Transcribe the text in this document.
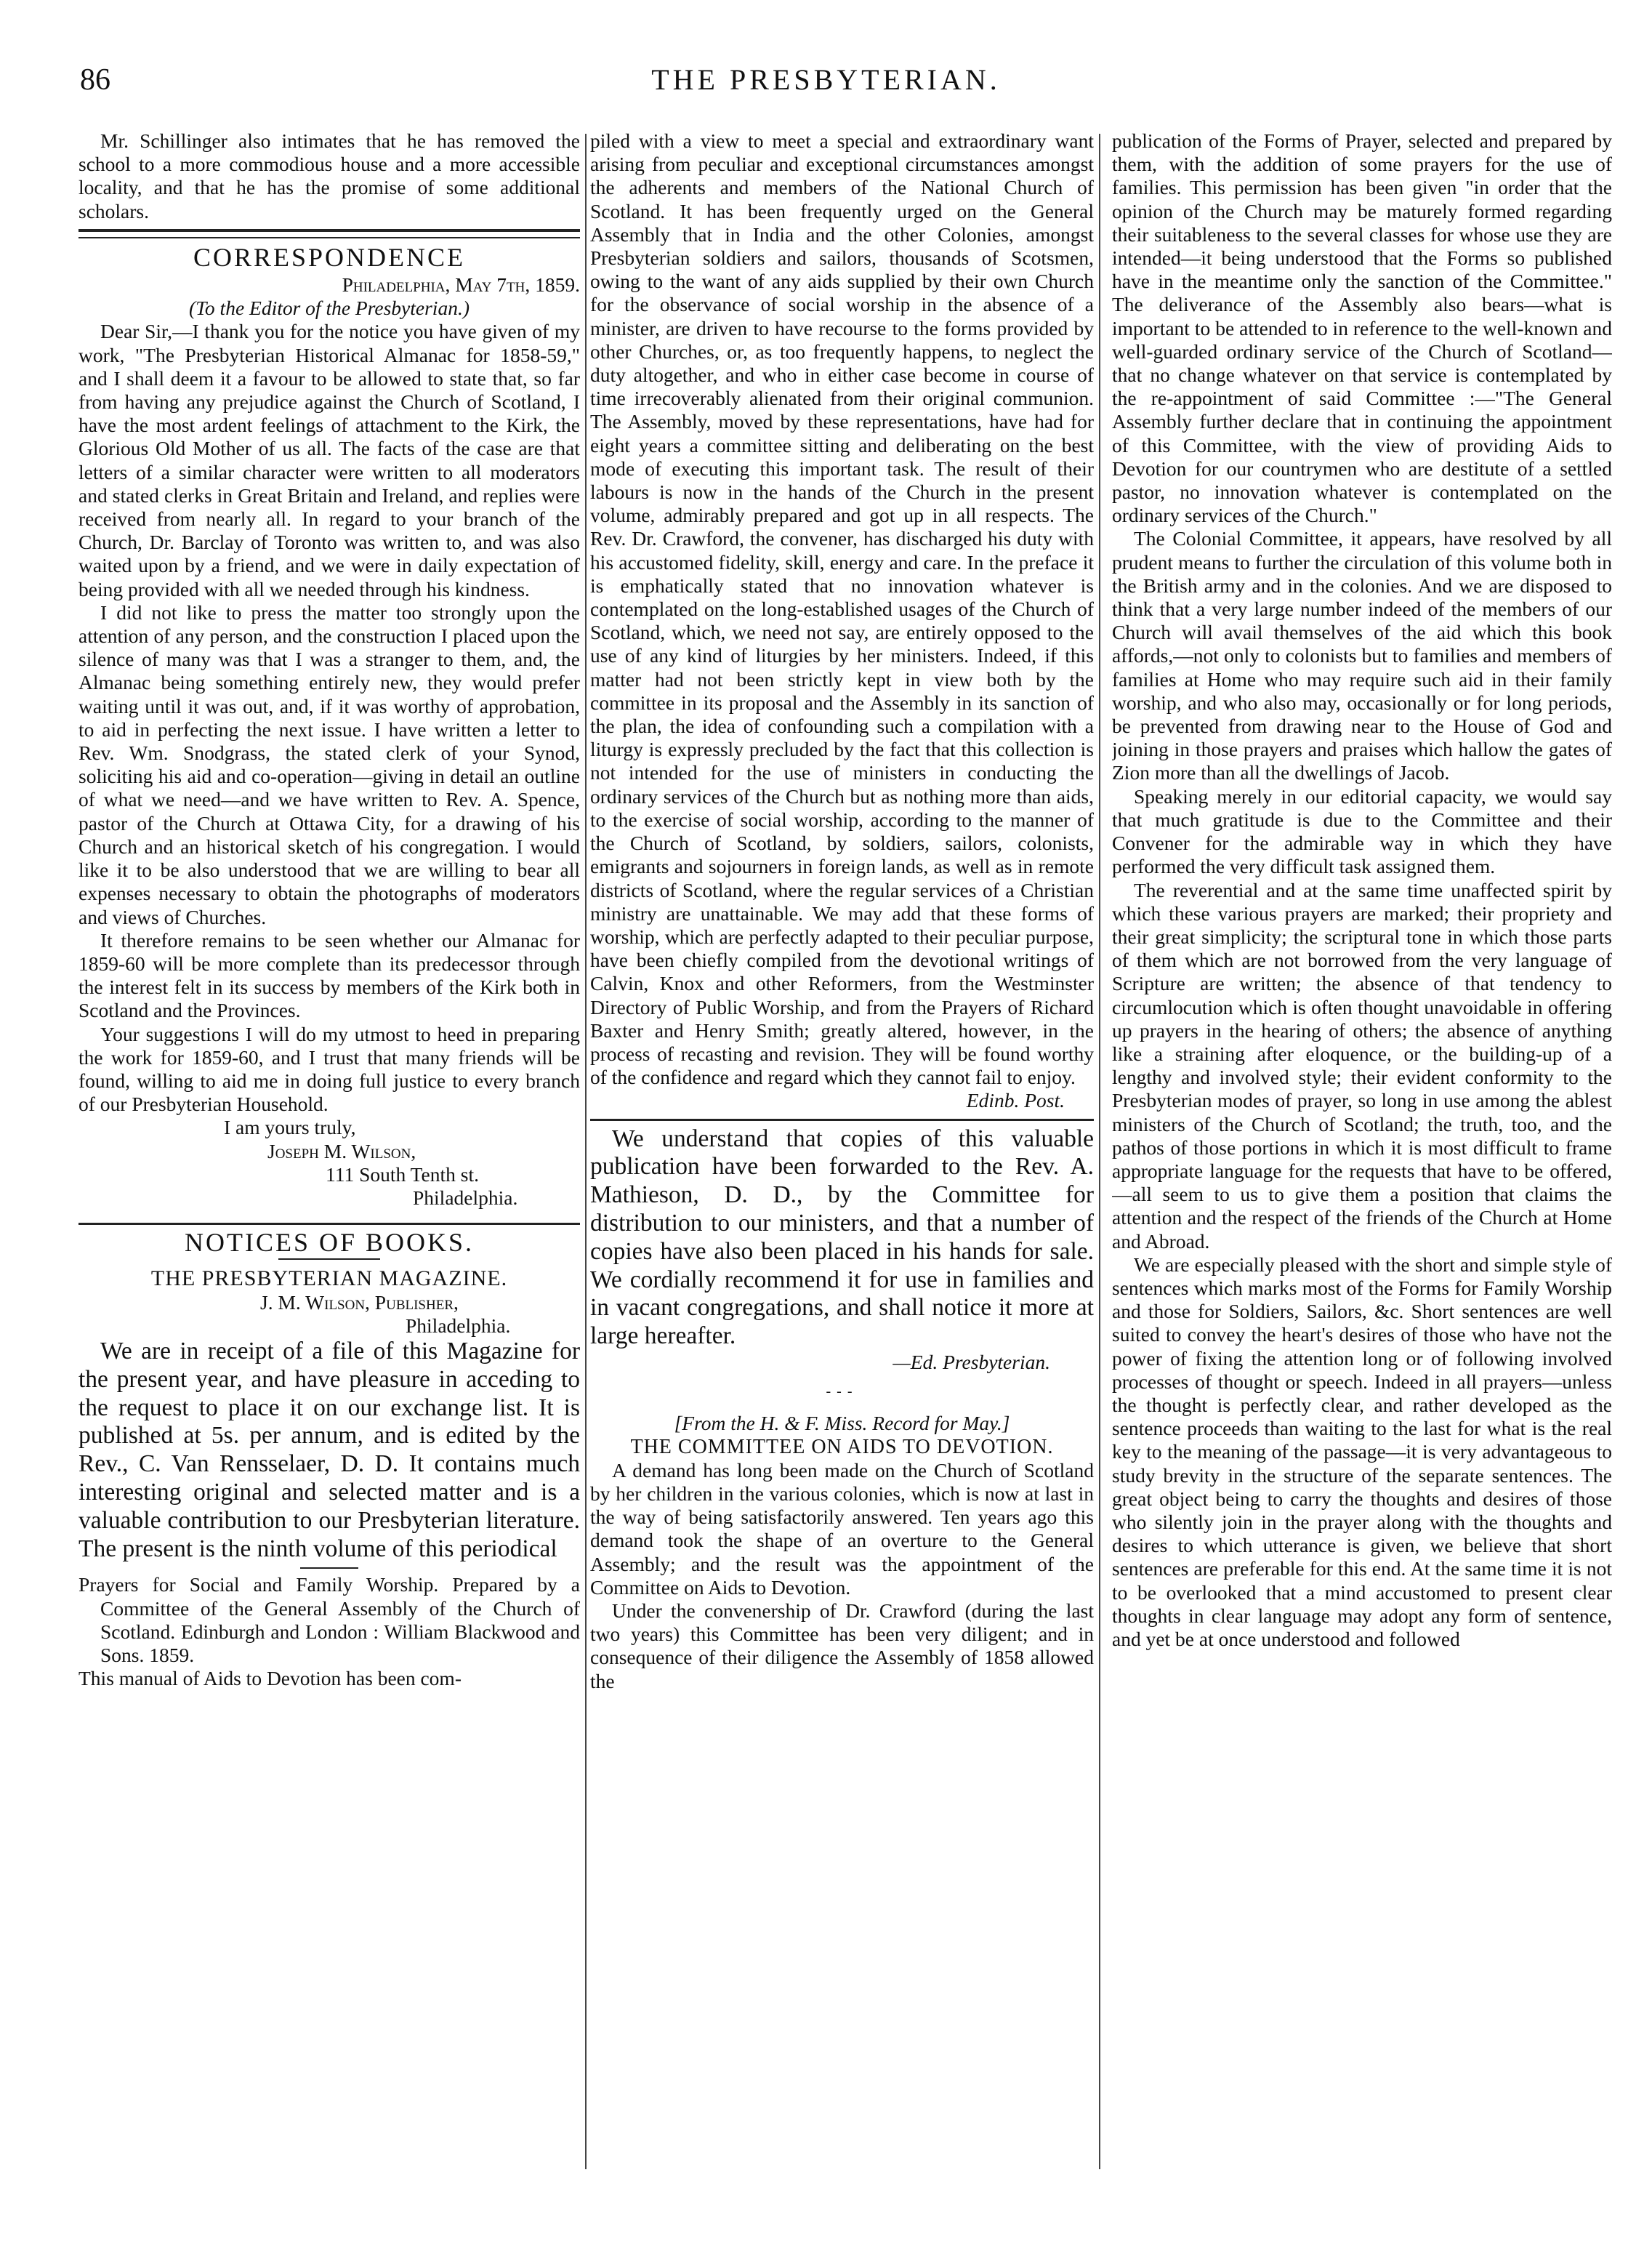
THE PRESBYTERIAN.
86

Mr. Schillinger also intimates that he has removed the school to a more commodious house and a more accessible locality, and that he has the promise of some additional scholars.

CORRESPONDENCE
Philadelphia, May 7th, 1859.
(To the Editor of the Presbyterian.)

Dear Sir,—I thank you for the notice you have given of my work, "The Presbyterian Historical Almanac for 1858-59," and I shall deem it a favour to be allowed to state that, so far from having any prejudice against the Church of Scotland, I have the most ardent feelings of attachment to the Kirk, the Glorious Old Mother of us all. The facts of the case are that letters of a similar character were written to all moderators and stated clerks in Great Britain and Ireland, and replies were received from nearly all. In regard to your branch of the Church, Dr. Barclay of Toronto was written to, and was also waited upon by a friend, and we were in daily expectation of being provided with all we needed through his kindness.

I did not like to press the matter too strongly upon the attention of any person, and the construction I placed upon the silence of many was that I was a stranger to them, and, the Almanac being something entirely new, they would prefer waiting until it was out, and, if it was worthy of approbation, to aid in perfecting the next issue. I have written a letter to Rev. Wm. Snodgrass, the stated clerk of your Synod, soliciting his aid and co-operation—giving in detail an outline of what we need—and we have written to Rev. A. Spence, pastor of the Church at Ottawa City, for a drawing of his Church and an historical sketch of his congregation. I would like it to be also understood that we are willing to bear all expenses necessary to obtain the photographs of moderators and views of Churches.

It therefore remains to be seen whether our Almanac for 1859-60 will be more complete than its predecessor through the interest felt in its success by members of the Kirk both in Scotland and the Provinces.

Your suggestions I will do my utmost to heed in preparing the work for 1859-60, and I trust that many friends will be found, willing to aid me in doing full justice to every branch of our Presbyterian Household.

I am yours truly,
Joseph M. Wilson,
111 South Tenth st.
Philadelphia.
NOTICES OF BOOKS.
THE PRESBYTERIAN MAGAZINE.
J. M. Wilson, Publisher,
Philadelphia.

We are in receipt of a file of this Magazine for the present year, and have pleasure in acceding to the request to place it on our exchange list. It is published at 5s. per annum, and is edited by the Rev., C. Van Rensselaer, D. D. It contains much interesting original and selected matter and is a valuable contribution to our Presbyterian literature. The present is the ninth volume of this periodical

Prayers for Social and Family Worship. Prepared by a Committee of the General Assembly of the Church of Scotland. Edinburgh and London : William Blackwood and Sons. 1859.

This manual of Aids to Devotion has been com-

piled with a view to meet a special and extraordinary want arising from peculiar and exceptional circumstances amongst the adherents and members of the National Church of Scotland. It has been frequently urged on the General Assembly that in India and the other Colonies, amongst Presbyterian soldiers and sailors, thousands of Scotsmen, owing to the want of any aids supplied by their own Church for the observance of social worship in the absence of a minister, are driven to have recourse to the forms provided by other Churches, or, as too frequently happens, to neglect the duty altogether, and who in either case become in course of time irrecoverably alienated from their original communion. The Assembly, moved by these representations, have had for eight years a committee sitting and deliberating on the best mode of executing this important task. The result of their labours is now in the hands of the Church in the present volume, admirably prepared and got up in all respects. The Rev. Dr. Crawford, the convener, has discharged his duty with his accustomed fidelity, skill, energy and care. In the preface it is emphatically stated that no innovation whatever is contemplated on the long-established usages of the Church of Scotland, which, we need not say, are entirely opposed to the use of any kind of liturgies by her ministers. Indeed, if this matter had not been strictly kept in view both by the committee in its proposal and the Assembly in its sanction of the plan, the idea of confounding such a compilation with a liturgy is expressly precluded by the fact that this collection is not intended for the use of ministers in conducting the ordinary services of the Church but as nothing more than aids, to the exercise of social worship, according to the manner of the Church of Scotland, by soldiers, sailors, colonists, emigrants and sojourners in foreign lands, as well as in remote districts of Scotland, where the regular services of a Christian ministry are unattainable. We may add that these forms of worship, which are perfectly adapted to their peculiar purpose, have been chiefly compiled from the devotional writings of Calvin, Knox and other Reformers, from the Westminster Directory of Public Worship, and from the Prayers of Richard Baxter and Henry Smith; greatly altered, however, in the process of recasting and revision. They will be found worthy of the confidence and regard which they cannot fail to enjoy.

Edinb. Post.

We understand that copies of this valuable publication have been forwarded to the Rev. A. Mathieson, D. D., by the Committee for distribution to our ministers, and that a number of copies have also been placed in his hands for sale. We cordially recommend it for use in families and in vacant congregations, and shall notice it more at large hereafter.

—Ed. Presbyterian.
---
[From the H. & F. Miss. Record for May.]
THE COMMITTEE ON AIDS TO DEVOTION.

A demand has long been made on the Church of Scotland by her children in the various colonies, which is now at last in the way of being satisfactorily answered. Ten years ago this demand took the shape of an overture to the General Assembly; and the result was the appointment of the Committee on Aids to Devotion.

Under the convenership of Dr. Crawford (during the last two years) this Committee has been very diligent; and in consequence of their diligence the Assembly of 1858 allowed the

publication of the Forms of Prayer, selected and prepared by them, with the addition of some prayers for the use of families. This permission has been given "in order that the opinion of the Church may be maturely formed regarding their suitableness to the several classes for whose use they are intended—it being understood that the Forms so published have in the meantime only the sanction of the Committee." The deliverance of the Assembly also bears—what is important to be attended to in reference to the well-known and well-guarded ordinary service of the Church of Scotland—that no change whatever on that service is contemplated by the re-appointment of said Committee :—"The General Assembly further declare that in continuing the appointment of this Committee, with the view of providing Aids to Devotion for our countrymen who are destitute of a settled pastor, no innovation whatever is contemplated on the ordinary services of the Church."

The Colonial Committee, it appears, have resolved by all prudent means to further the circulation of this volume both in the British army and in the colonies. And we are disposed to think that a very large number indeed of the members of our Church will avail themselves of the aid which this book affords,—not only to colonists but to families and members of families at Home who may require such aid in their family worship, and who also may, occasionally or for long periods, be prevented from drawing near to the House of God and joining in those prayers and praises which hallow the gates of Zion more than all the dwellings of Jacob.

Speaking merely in our editorial capacity, we would say that much gratitude is due to the Committee and their Convener for the admirable way in which they have performed the very difficult task assigned them.

The reverential and at the same time unaffected spirit by which these various prayers are marked; their propriety and their great simplicity; the scriptural tone in which those parts of them which are not borrowed from the very language of Scripture are written; the absence of that tendency to circumlocution which is often thought unavoidable in offering up prayers in the hearing of others; the absence of anything like a straining after eloquence, or the building-up of a lengthy and involved style; their evident conformity to the Presbyterian modes of prayer, so long in use among the ablest ministers of the Church of Scotland; the truth, too, and the pathos of those portions in which it is most difficult to frame appropriate language for the requests that have to be offered, —all seem to us to give them a position that claims the attention and the respect of the friends of the Church at Home and Abroad.

We are especially pleased with the short and simple style of sentences which marks most of the Forms for Family Worship and those for Soldiers, Sailors, &c. Short sentences are well suited to convey the heart's desires of those who have not the power of fixing the attention long or of following involved processes of thought or speech. Indeed in all prayers—unless the thought is perfectly clear, and rather developed as the sentence proceeds than waiting to the last for what is the real key to the meaning of the passage—it is very advantageous to study brevity in the structure of the separate sentences. The great object being to carry the thoughts and desires of those who silently join in the prayer along with the thoughts and desires to which utterance is given, we believe that short sentences are preferable for this end. At the same time it is not to be overlooked that a mind accustomed to present clear thoughts in clear language may adopt any form of sentence, and yet be at once understood and followed
